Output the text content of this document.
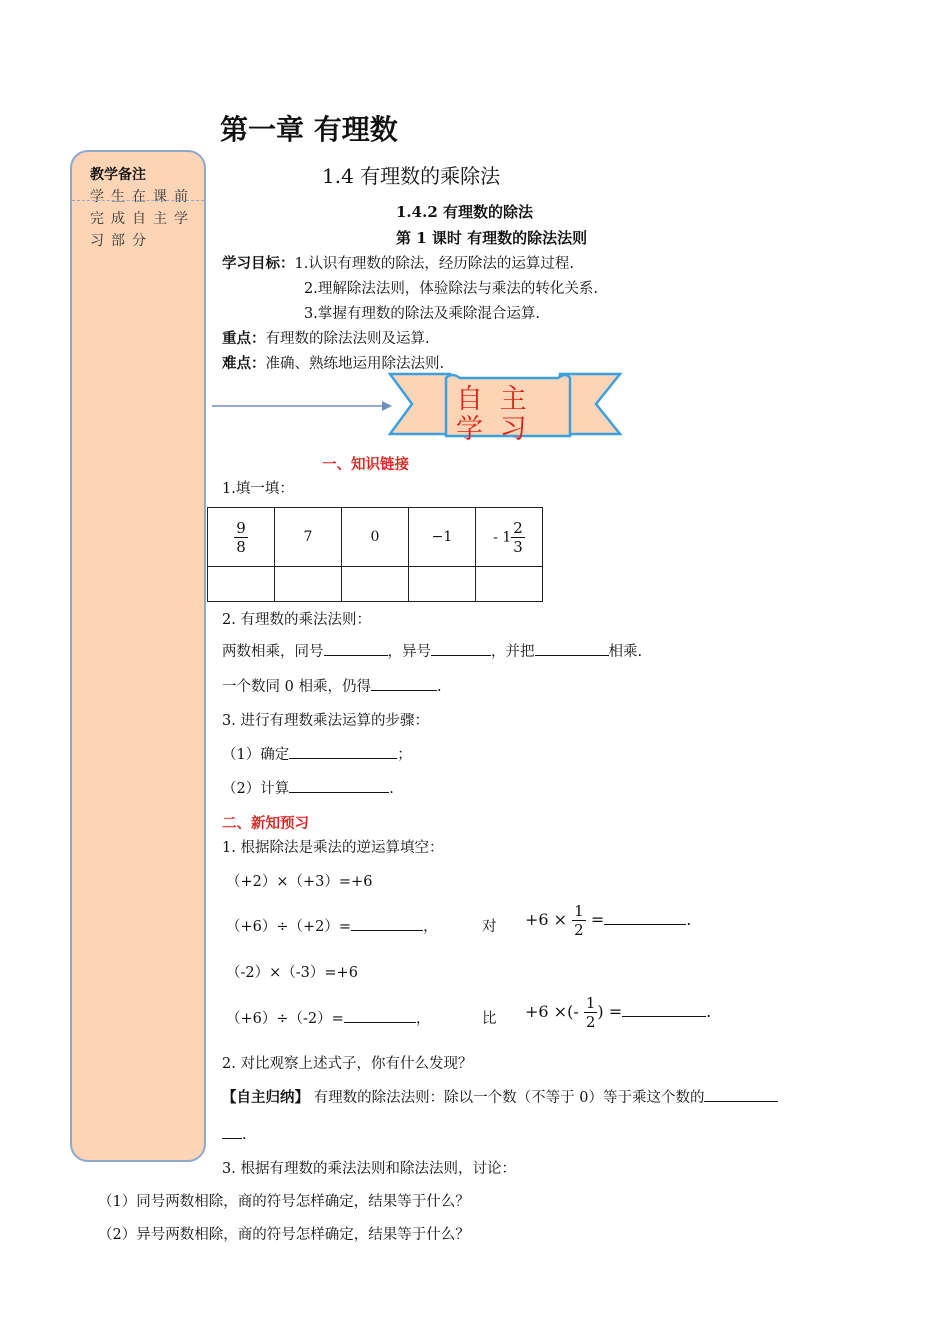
教学备注
学生在课前
完成自主学
习部分
第一章 有理数
1.4 有理数的乘除法
1.4.2 有理数的除法
第 1 课时 有理数的除法法则
学习目标：1.认识有理数的除法，经历除法的运算过程.
2.理解除法法则，体验除法与乘法的转化关系.
3.掌握有理数的除法及乘除混合运算.
重点：有理数的除法法则及运算.
难点：准确、熟练地运用除法法则.
自 主 学 习
一、知识链接
1.填一填：
$\frac{9}{8}$	7	0	−1	- $1 \frac{2}{3}$

2. 有理数的乘法法则：
两数相乘，同号	，异号	，并把	相乘.
一个数同 0 相乘，仍得	.
3. 进行有理数乘法运算的步骤：
（1）确定	；
（2）计算	.
二、新知预习
1. 根据除法是乘法的逆运算填空：
（+2）×（+3）=+6
（+6）÷（+2）=	，	对 $+6 \times \frac{1}{2}$ =	.
（-2）×（-3）=+6
（+6）÷（-2）=	，	比 +6 ×(- $\frac{1}{2}$ ) =	.
2. 对比观察上述式子，你有什么发现？
【自主归纳】 有理数的除法法则：除以一个数（不等于 0）等于乘这个数的
.
3. 根据有理数的乘法法则和除法法则，讨论：
（1）同号两数相除，商的符号怎样确定，结果等于什么？
（2）异号两数相除，商的符号怎样确定，结果等于什么？
